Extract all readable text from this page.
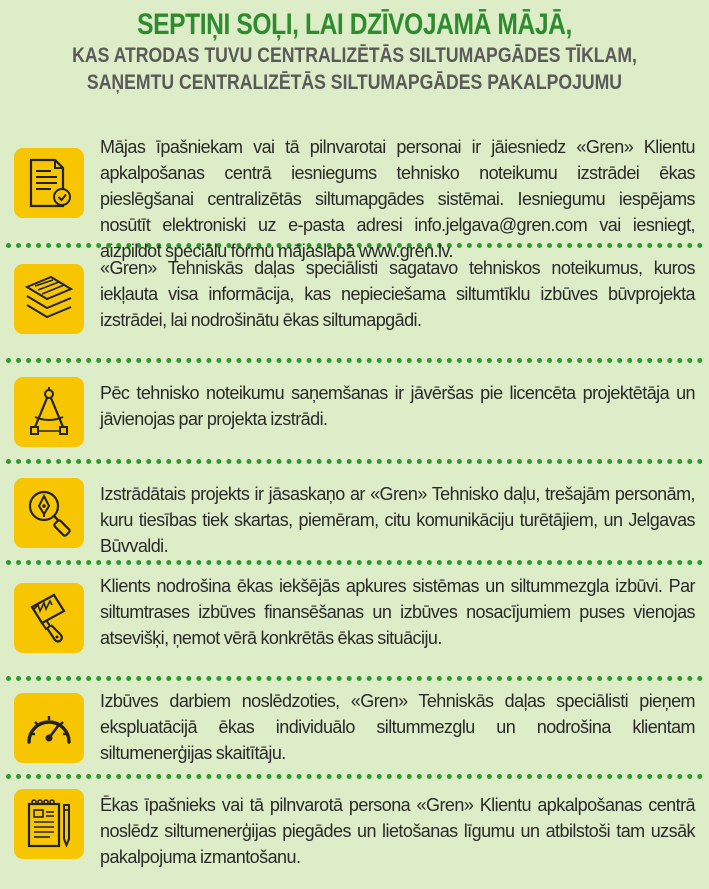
SEPTIŅI SOĻI, LAI DZĪVOJAMĀ MĀJĀ,
KAS ATRODAS TUVU CENTRALIZĒTĀS SILTUMAPGĀDES TĪKLAM,
SAŅEMTU CENTRALIZĒTĀS SILTUMAPGĀDES PAKALPOJUMU
Mājas īpašniekam vai tā pilnvarotai personai ir jāiesniedz «Gren» Klientu apkalpošanas centrā iesniegums tehnisko noteikumu izstrādei ēkas pieslēgšanai centralizētās siltumapgādes sistēmai. Iesniegumu iespējams nosūtīt elektroniski uz e-pasta adresi info.jelgava@gren.com vai iesniegt, aizpildot speciālu formu mājaslapā www.gren.lv.
«Gren» Tehniskās daļas speciālisti sagatavo tehniskos noteikumus, kuros iekļauta visa informācija, kas nepieciešama siltumtīklu izbūves būvprojekta izstrādei, lai nodrošinātu ēkas siltumapgādi.
Pēc tehnisko noteikumu saņemšanas ir jāvēršas pie licencēta projektētāja un jāvienojas par projekta izstrādi.
Izstrādātais projekts ir jāsaskaņo ar «Gren» Tehnisko daļu, trešajām personām, kuru tiesības tiek skartas, piemēram, citu komunikāciju turētājiem, un Jelgavas Būvvaldi.
Klients nodrošina ēkas iekšējās apkures sistēmas un siltummezgla izbūvi. Par siltumtrases izbūves finansēšanas un izbūves nosacījumiem puses vienojas atsevišķi, ņemot vērā konkrētās ēkas situāciju.
Izbūves darbiem noslēdzoties, «Gren» Tehniskās daļas speciālisti pieņem ekspluatācijā ēkas individuālo siltummezglu un nodrošina klientam siltumenerģijas skaitītāju.
Ēkas īpašnieks vai tā pilnvarotā persona «Gren» Klientu apkalpošanas centrā noslēdz siltumenerģijas piegādes un lietošanas līgumu un atbilstoši tam uzsāk pakalpojuma izmantošanu.
